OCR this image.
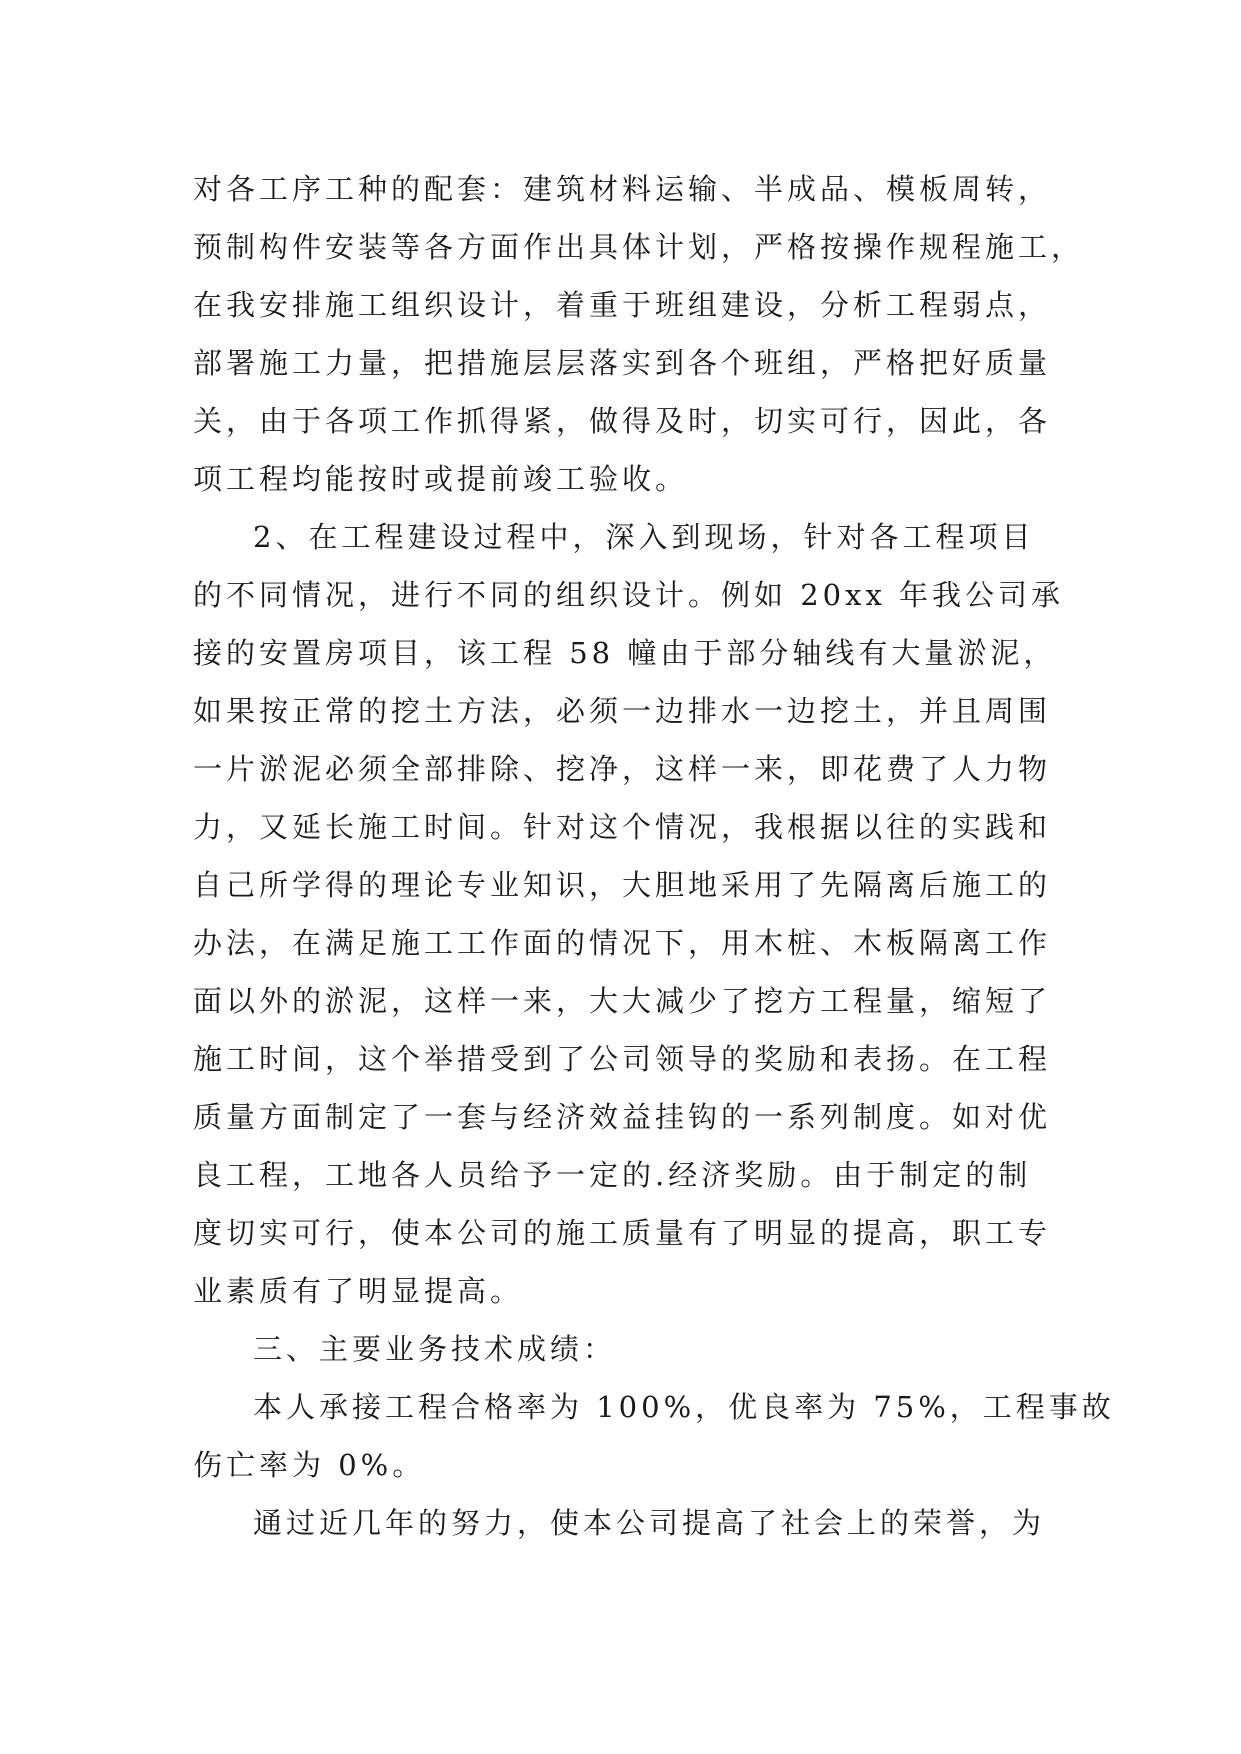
对各工序工种的配套：建筑材料运输、半成品、模板周转，
预制构件安装等各方面作出具体计划，严格按操作规程施工，
在我安排施工组织设计，着重于班组建设，分析工程弱点，
部署施工力量，把措施层层落实到各个班组，严格把好质量
关，由于各项工作抓得紧，做得及时，切实可行，因此，各
项工程均能按时或提前竣工验收。
2、在工程建设过程中，深入到现场，针对各工程项目
的不同情况，进行不同的组织设计。例如 20xx 年我公司承
接的安置房项目，该工程 58 幢由于部分轴线有大量淤泥，
如果按正常的挖土方法，必须一边排水一边挖土，并且周围
一片淤泥必须全部排除、挖净，这样一来，即花费了人力物
力，又延长施工时间。针对这个情况，我根据以往的实践和
自己所学得的理论专业知识，大胆地采用了先隔离后施工的
办法，在满足施工工作面的情况下，用木桩、木板隔离工作
面以外的淤泥，这样一来，大大减少了挖方工程量，缩短了
施工时间，这个举措受到了公司领导的奖励和表扬。在工程
质量方面制定了一套与经济效益挂钩的一系列制度。如对优
良工程，工地各人员给予一定的.经济奖励。由于制定的制
度切实可行，使本公司的施工质量有了明显的提高，职工专
业素质有了明显提高。
三、主要业务技术成绩：
本人承接工程合格率为 100%，优良率为 75%，工程事故
伤亡率为 0%。
通过近几年的努力，使本公司提高了社会上的荣誉，为
